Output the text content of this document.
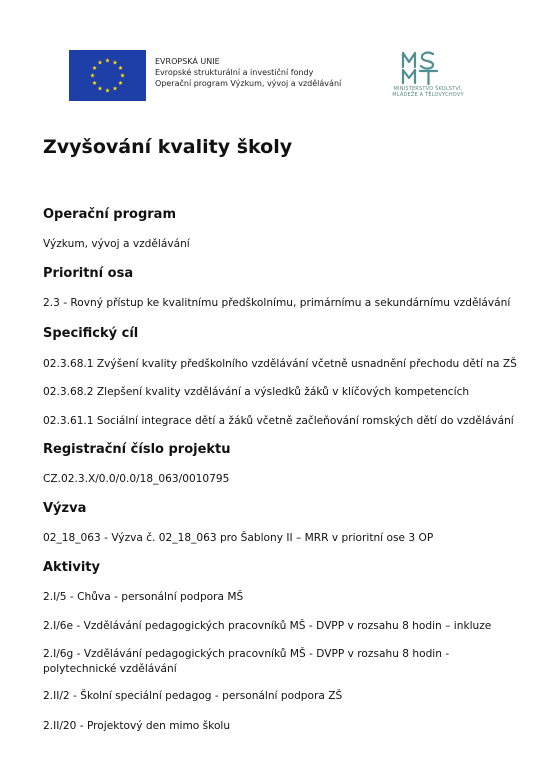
EVROPSKÁ UNIE
Evropské strukturální a investiční fondy
Operační program Výzkum, vývoj a vzdělávání
MINISTERSTVO ŠKOLSTVÍ,
MLÁDEŽE A TĚLOVÝCHOVY
Zvyšování kvality školy
Operační program
Výzkum, vývoj a vzdělávání
Prioritní osa
2.3 - Rovný přístup ke kvalitnímu předškolnímu, primárnímu a sekundárnímu vzdělávání
Specifický cíl
02.3.68.1 Zvýšení kvality předškolního vzdělávání včetně usnadnění přechodu dětí na ZŠ
02.3.68.2 Zlepšení kvality vzdělávání a výsledků žáků v klíčových kompetencích
02.3.61.1 Sociální integrace dětí a žáků včetně začleňování romských dětí do vzdělávání
Registrační číslo projektu
CZ.02.3.X/0.0/0.0/18_063/0010795
Výzva
02_18_063 - Výzva č. 02_18_063 pro Šablony II – MRR v prioritní ose 3 OP
Aktivity
2.I/5 - Chůva - personální podpora MŠ
2.I/6e - Vzdělávání pedagogických pracovníků MŠ - DVPP v rozsahu 8 hodin – inkluze
2.I/6g - Vzdělávání pedagogických pracovníků MŠ - DVPP v rozsahu 8 hodin - polytechnické vzdělávání
2.II/2 - Školní speciální pedagog - personální podpora ZŠ
2.II/20 - Projektový den mimo školu
